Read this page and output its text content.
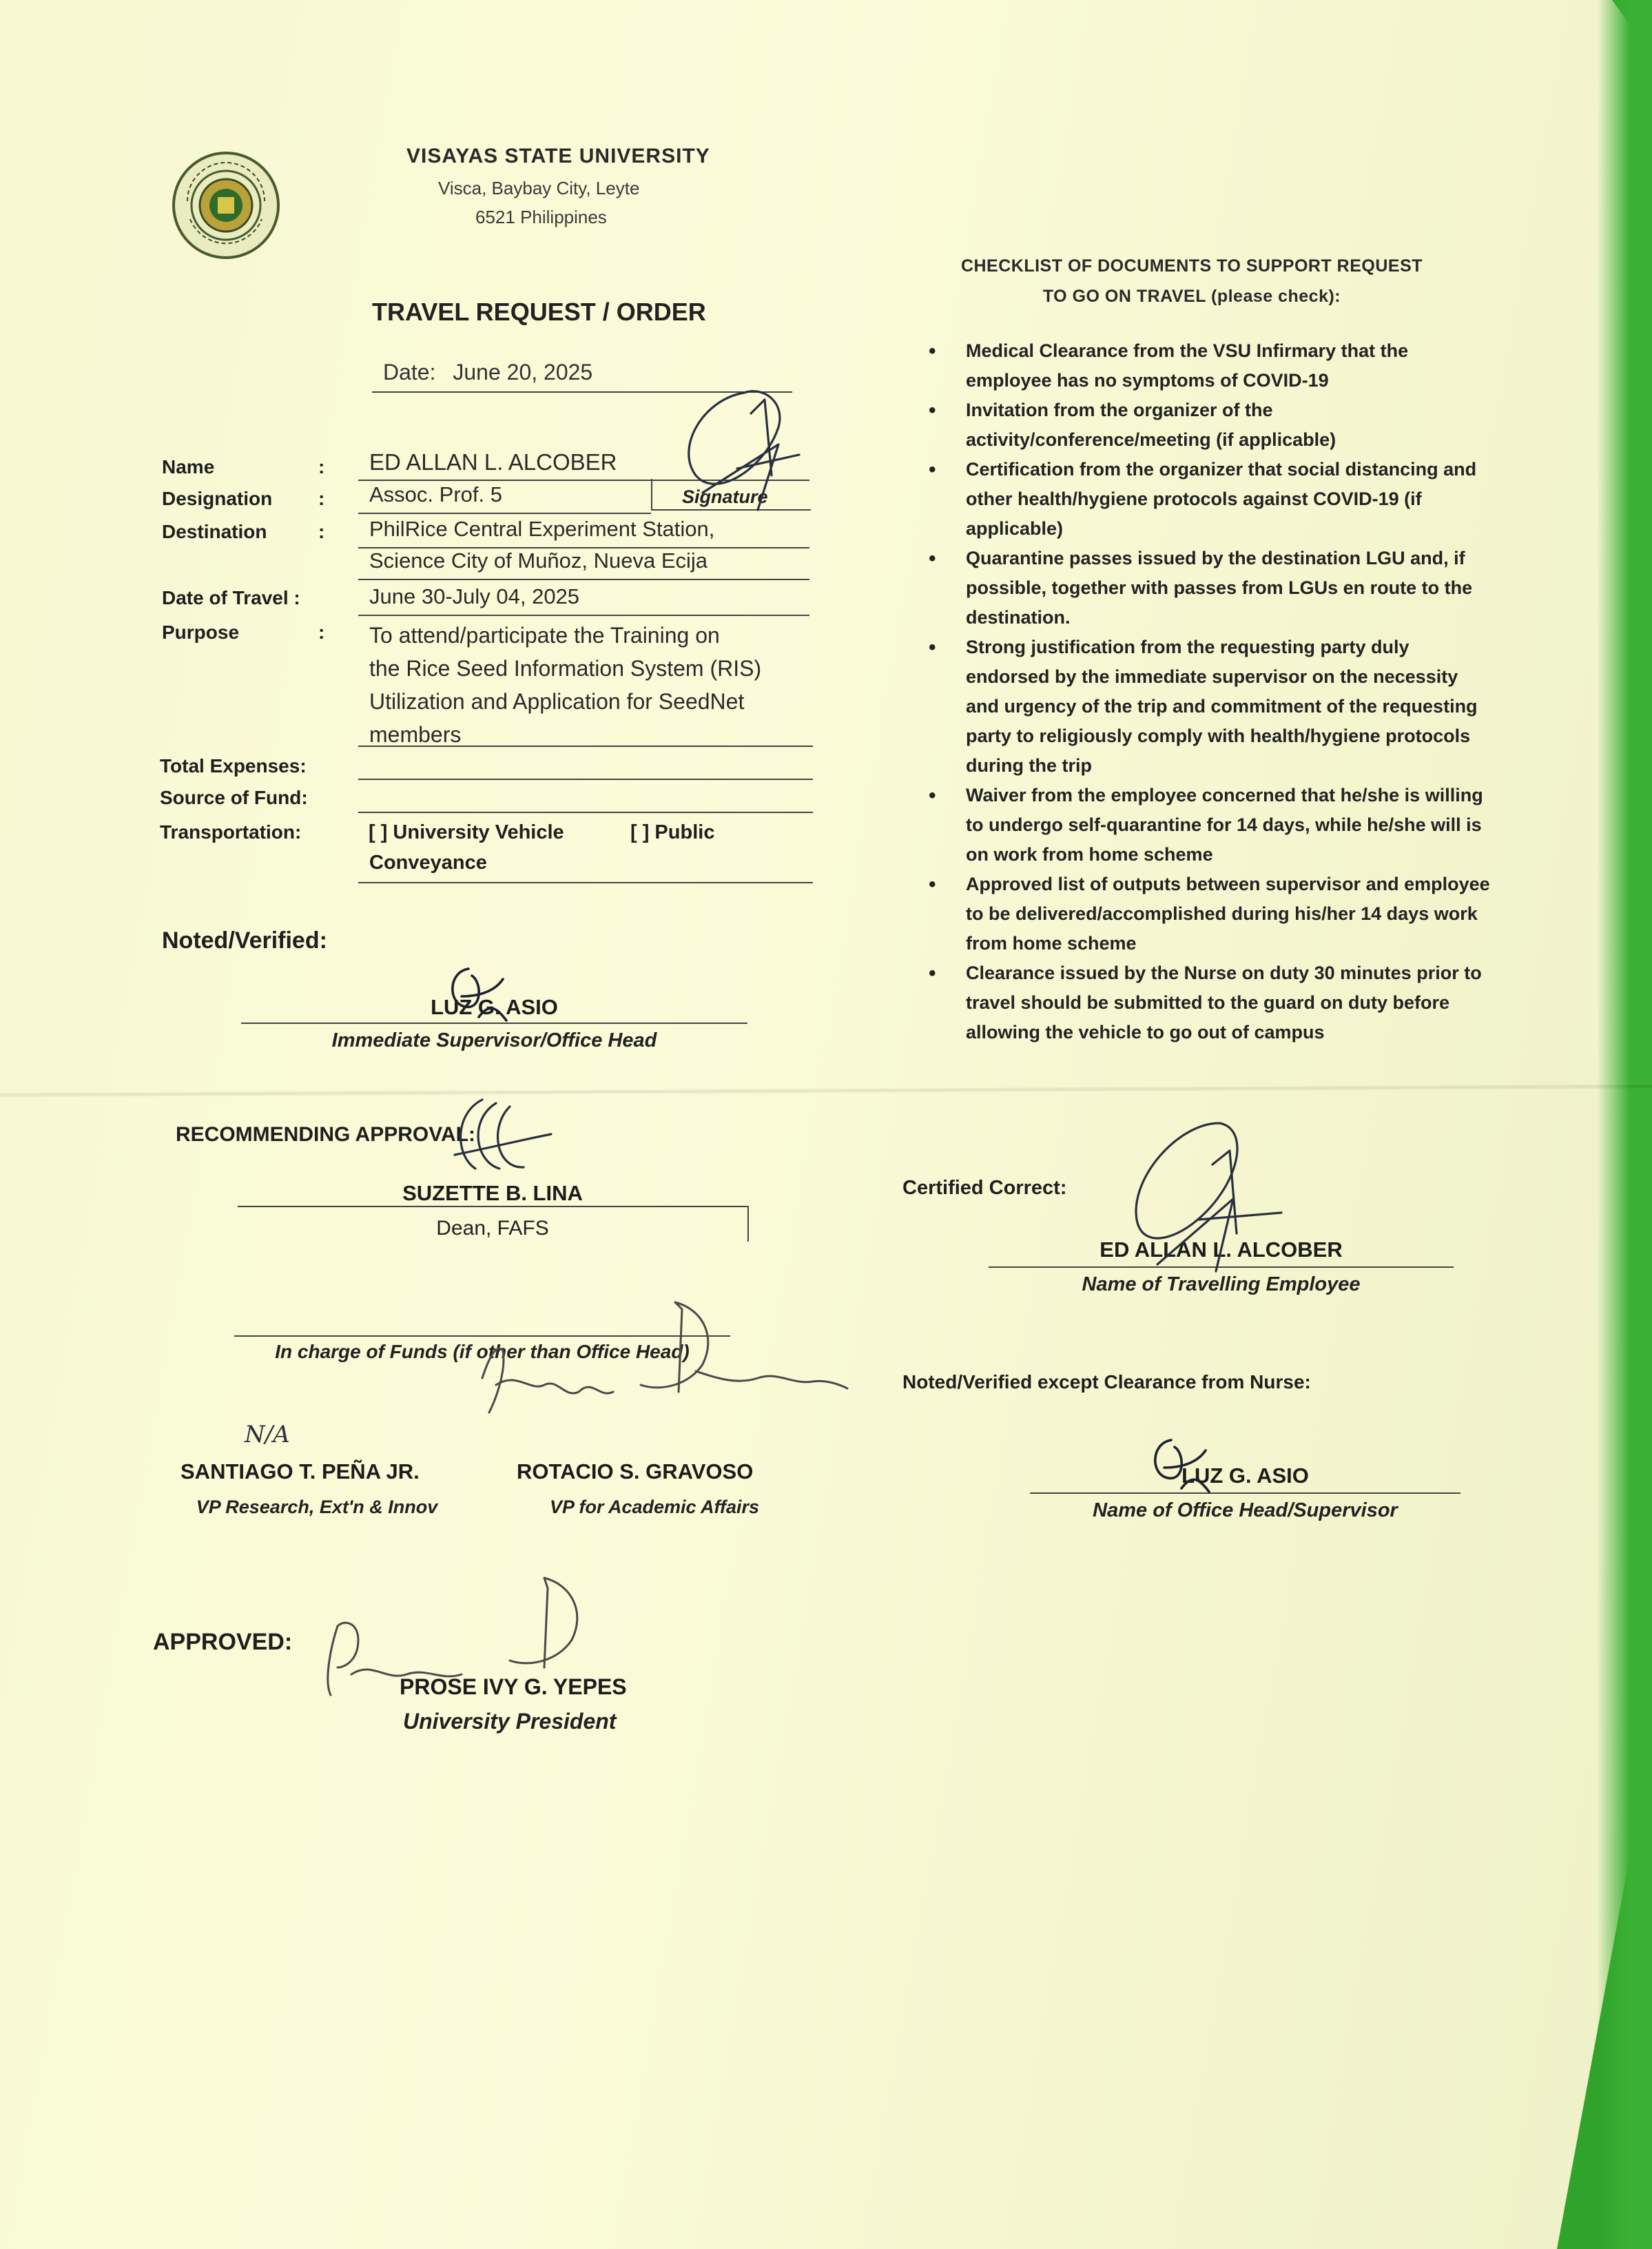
VISAYAS STATE UNIVERSITY
Visca, Baybay City, Leyte
6521 Philippines
TRAVEL REQUEST / ORDER
Date: June 20, 2025
Name	:	ED ALLAN L. ALCOBER
Designation :	Assoc. Prof. 5	Signature
Destination	:	PhilRice Central Experiment Station,
Science City of Muñoz, Nueva Ecija
Date of Travel :	June 30-July 04, 2025
Purpose	: To attend/participate the Training on
the Rice Seed Information System (RIS)
Utilization and Application for SeedNet
members
Total Expenses:
Source of Fund:
Transportation:	[ ] University Vehicle	[ ] Public
Conveyance
Noted/Verified:
LUZ G. ASIO
Immediate Supervisor/Office Head
RECOMMENDING APPROVAL:
SUZETTE B. LINA
Dean, FAFS
In charge of Funds (if other than Office Head)
N/A
SANTIAGO T. PEÑA JR.
VP Research, Ext'n & Innov
ROTACIO S. GRAVOSO
VP for Academic Affairs
APPROVED:
PROSE IVY G. YEPES
University President
CHECKLIST OF DOCUMENTS TO SUPPORT REQUEST
TO GO ON TRAVEL (please check):
• Medical Clearance from the VSU Infirmary that the employee has no symptoms of COVID-19
• Invitation from the organizer of the activity/conference/meeting (if applicable)
• Certification from the organizer that social distancing and other health/hygiene protocols against COVID-19 (if applicable)
• Quarantine passes issued by the destination LGU and, if possible, together with passes from LGUs en route to the destination.
• Strong justification from the requesting party duly endorsed by the immediate supervisor on the necessity and urgency of the trip and commitment of the requesting party to religiously comply with health/hygiene protocols during the trip
• Waiver from the employee concerned that he/she is willing to undergo self-quarantine for 14 days, while he/she will is on work from home scheme
• Approved list of outputs between supervisor and employee to be delivered/accomplished during his/her 14 days work from home scheme
• Clearance issued by the Nurse on duty 30 minutes prior to travel should be submitted to the guard on duty before allowing the vehicle to go out of campus
Certified Correct:
ED ALLAN L. ALCOBER
Name of Travelling Employee
Noted/Verified except Clearance from Nurse:
LUZ G. ASIO
Name of Office Head/Supervisor
